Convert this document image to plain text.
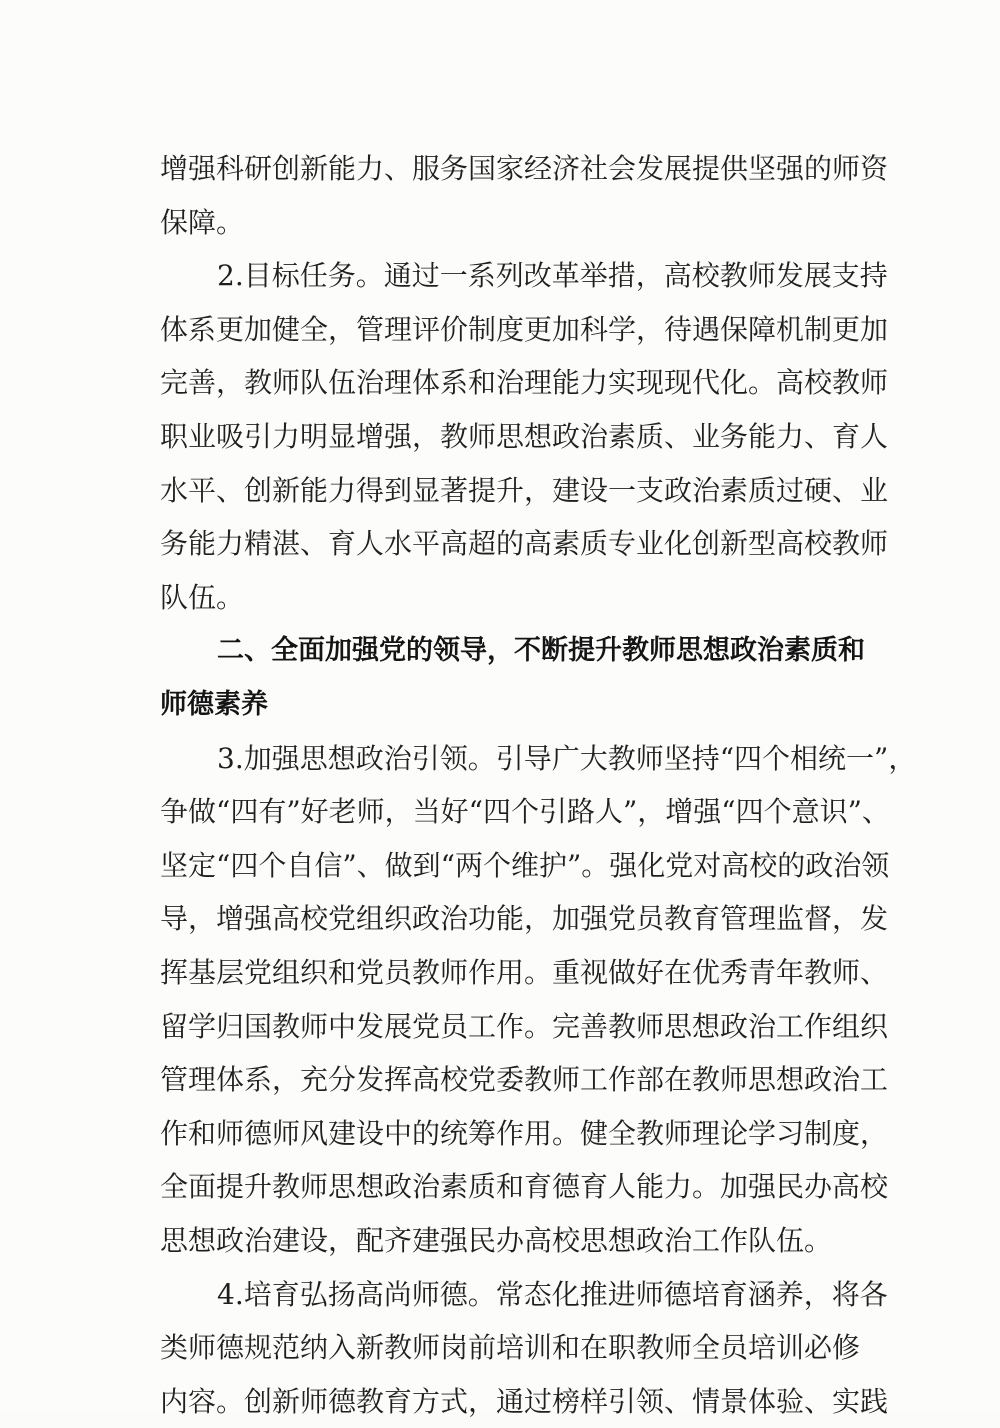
增强科研创新能力、服务国家经济社会发展提供坚强的师资
保障。
2.目标任务。通过一系列改革举措，高校教师发展支持
体系更加健全，管理评价制度更加科学，待遇保障机制更加
完善，教师队伍治理体系和治理能力实现现代化。高校教师
职业吸引力明显增强，教师思想政治素质、业务能力、育人
水平、创新能力得到显著提升，建设一支政治素质过硬、业
务能力精湛、育人水平高超的高素质专业化创新型高校教师
队伍。
二、全面加强党的领导，不断提升教师思想政治素质和
师德素养
3.加强思想政治引领。引导广大教师坚持“四个相统一”，
争做“四有”好老师，当好“四个引路人”，增强“四个意识”、
坚定“四个自信”、做到“两个维护”。强化党对高校的政治领
导，增强高校党组织政治功能，加强党员教育管理监督，发
挥基层党组织和党员教师作用。重视做好在优秀青年教师、
留学归国教师中发展党员工作。完善教师思想政治工作组织
管理体系，充分发挥高校党委教师工作部在教师思想政治工
作和师德师风建设中的统筹作用。健全教师理论学习制度，
全面提升教师思想政治素质和育德育人能力。加强民办高校
思想政治建设，配齐建强民办高校思想政治工作队伍。
4.培育弘扬高尚师德。常态化推进师德培育涵养，将各
类师德规范纳入新教师岗前培训和在职教师全员培训必修
内容。创新师德教育方式，通过榜样引领、情景体验、实践
